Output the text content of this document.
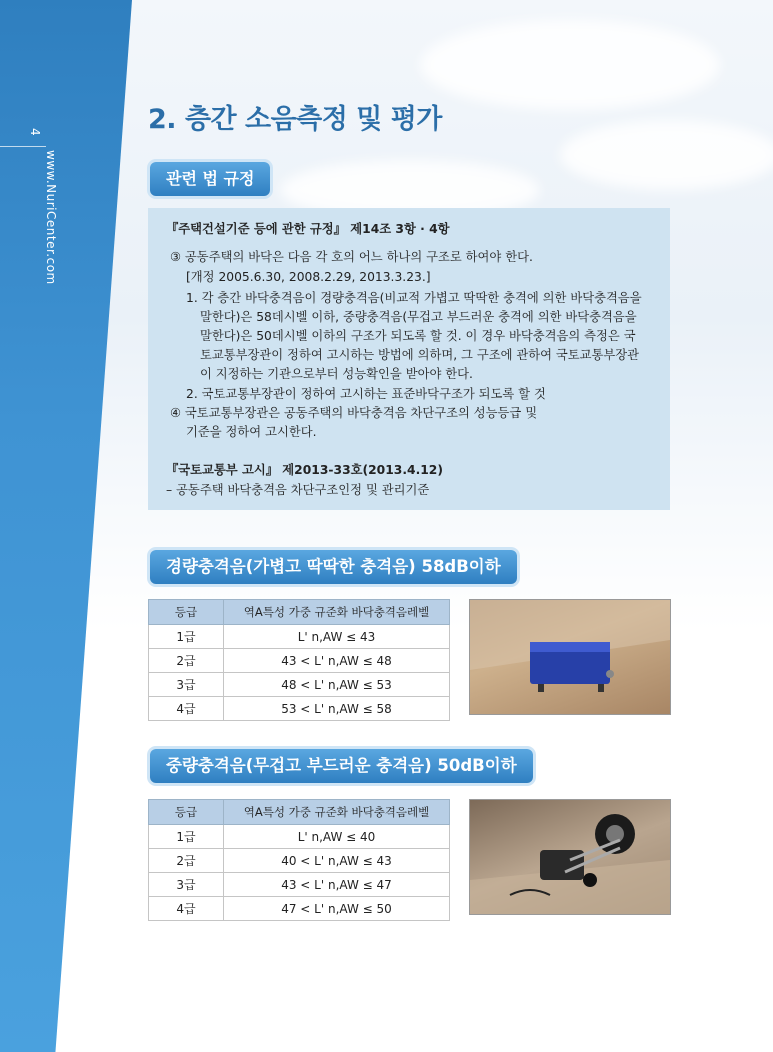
4
www.NuriCenter.com
2. 층간 소음측정 및 평가
관련 법 규정
『주택건설기준 등에 관한 규정』 제14조 3항 · 4항
③ 공동주택의 바닥은 다음 각 호의 어느 하나의 구조로 하여야 한다.
[개정 2005.6.30, 2008.2.29, 2013.3.23.]
1. 각 층간 바닥충격음이 경량충격음(비교적 가볍고 딱딱한 충격에 의한 바닥충격음을
말한다)은 58데시벨 이하, 중량충격음(무겁고 부드러운 충격에 의한 바닥충격음을
말한다)은 50데시벨 이하의 구조가 되도록 할 것. 이 경우 바닥충격음의 측정은 국
토교통부장관이 정하여 고시하는 방법에 의하며, 그 구조에 관하여 국토교통부장관
이 지정하는 기관으로부터 성능확인을 받아야 한다.
2. 국토교통부장관이 정하여 고시하는 표준바닥구조가 되도록 할 것
④ 국토교통부장관은 공동주택의 바닥충격음 차단구조의 성능등급 및
기준을 정하여 고시한다.
『국토교통부 고시』 제2013-33호(2013.4.12)
– 공동주택 바닥충격음 차단구조인정 및 관리기준
경량충격음(가볍고 딱딱한 충격음) 58dB이하
등급	역A특성 가중 규준화 바닥충격음레벨
1급	L' n,AW ≤ 43
2급	43 < L' n,AW ≤ 48
3급	48 < L' n,AW ≤ 53
4급	53 < L' n,AW ≤ 58
중량충격음(무겁고 부드러운 충격음) 50dB이하
등급	역A특성 가중 규준화 바닥충격음레벨
1급	L' n,AW ≤ 40
2급	40 < L' n,AW ≤ 43
3급	43 < L' n,AW ≤ 47
4급	47 < L' n,AW ≤ 50
